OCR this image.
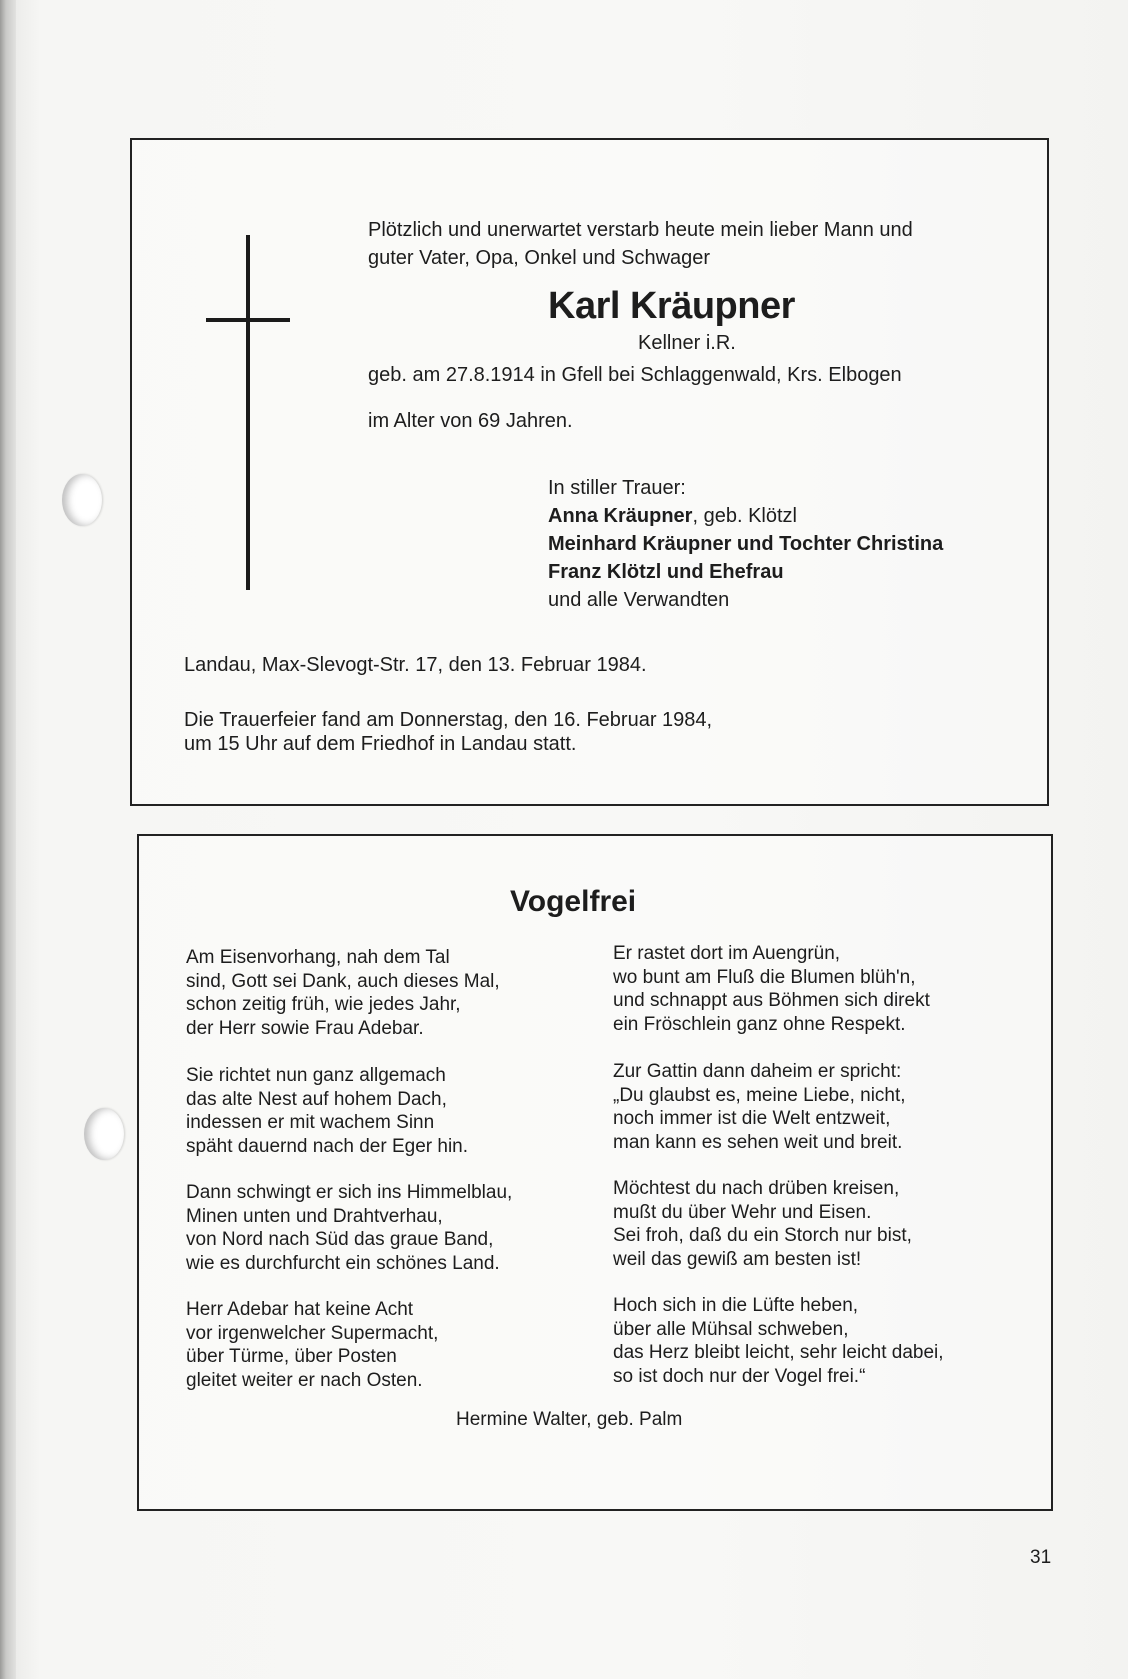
Plötzlich und unerwartet verstarb heute mein lieber Mann und
guter Vater, Opa, Onkel und Schwager

Karl Kräupner

Kellner i.R.

geb. am 27.8.1914 in Gfell bei Schlaggenwald, Krs. Elbogen

im Alter von 69 Jahren.

In stiller Trauer:
Anna Kräupner, geb. Klötzl
Meinhard Kräupner und Tochter Christina
Franz Klötzl und Ehefrau
und alle Verwandten

Landau, Max-Slevogt-Str. 17, den 13. Februar 1984.

Die Trauerfeier fand am Donnerstag, den 16. Februar 1984,
um 15 Uhr auf dem Friedhof in Landau statt.

Vogelfrei

Am Eisenvorhang, nah dem Tal
sind, Gott sei Dank, auch dieses Mal,
schon zeitig früh, wie jedes Jahr,
der Herr sowie Frau Adebar.
Sie richtet nun ganz allgemach
das alte Nest auf hohem Dach,
indessen er mit wachem Sinn
späht dauernd nach der Eger hin.
Dann schwingt er sich ins Himmelblau,
Minen unten und Drahtverhau,
von Nord nach Süd das graue Band,
wie es durchfurcht ein schönes Land.
Herr Adebar hat keine Acht
vor irgenwelcher Supermacht,
über Türme, über Posten
gleitet weiter er nach Osten.
Er rastet dort im Auengrün,
wo bunt am Fluß die Blumen blüh'n,
und schnappt aus Böhmen sich direkt
ein Fröschlein ganz ohne Respekt.
Zur Gattin dann daheim er spricht:
„Du glaubst es, meine Liebe, nicht,
noch immer ist die Welt entzweit,
man kann es sehen weit und breit.
Möchtest du nach drüben kreisen,
mußt du über Wehr und Eisen.
Sei froh, daß du ein Storch nur bist,
weil das gewiß am besten ist!
Hoch sich in die Lüfte heben,
über alle Mühsal schweben,
das Herz bleibt leicht, sehr leicht dabei,
so ist doch nur der Vogel frei.“

Hermine Walter, geb. Palm

31
